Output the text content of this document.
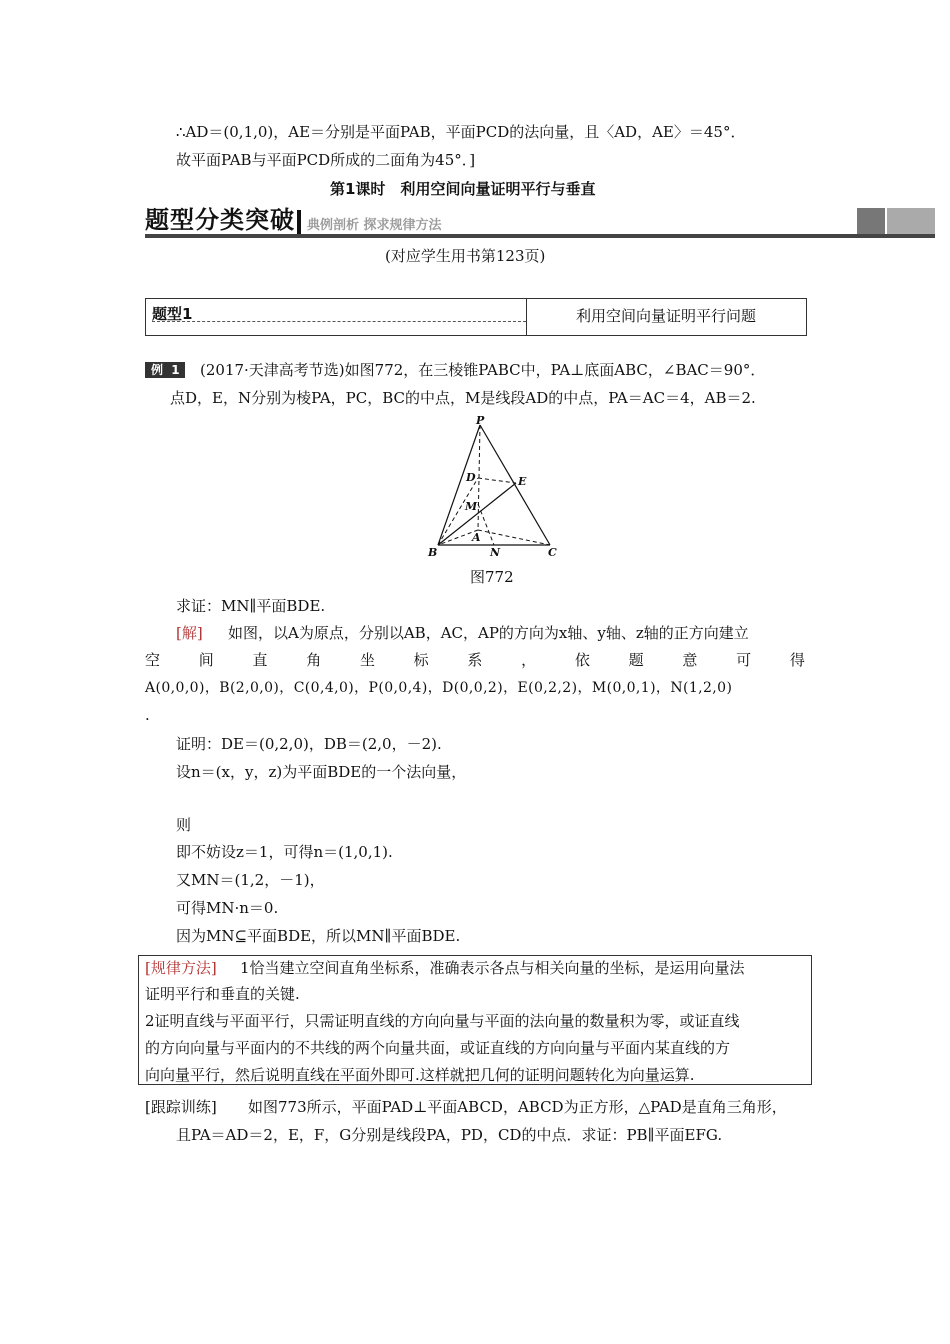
∴AD＝(0,1,0)，AE＝分别是平面PAB，平面PCD的法向量，且〈AD，AE〉＝45°．
故平面PAB与平面PCD所成的二面角为45°．]
第1课时　利用空间向量证明平行与垂直
题型分类突破 典例剖析 探求规律方法
(对应学生用书第123页)
题型1	利用空间向量证明平行问题
例 1	(2017·天津高考节选)如图772，在三棱锥PABC中，PA⊥底面ABC，∠BAC＝90°．
点D，E，N分别为棱PA，PC，BC的中点，M是线段AD的中点，PA＝AC＝4，AB＝2.
P
D	E
M
A
B	N	C
图772
求证：MN∥平面BDE.
[解] 如图，以A为原点，分别以AB，AC，AP的方向为x轴、y轴、z轴的正方向建立
空	间	直	角	坐	标	系	，	依	题	意	可	得
A(0,0,0)，B(2,0,0)，C(0,4,0)，P(0,0,4)，D(0,0,2)，E(0,2,2)，M(0,0,1)，N(1,2,0)
.
证明：DE＝(0,2,0)，DB＝(2,0，－2).
设n＝(x，y，z)为平面BDE的一个法向量，
则
即不妨设z＝1，可得n＝(1,0,1).
又MN＝(1,2，－1)，
可得MN·n＝0.
因为MN⊆平面BDE，所以MN∥平面BDE.
[规律方法] 1恰当建立空间直角坐标系，准确表示各点与相关向量的坐标，是运用向量法
证明平行和垂直的关键.
2证明直线与平面平行，只需证明直线的方向向量与平面的法向量的数量积为零，或证直线
的方向向量与平面内的不共线的两个向量共面，或证直线的方向向量与平面内某直线的方
向向量平行，然后说明直线在平面外即可.这样就把几何的证明问题转化为向量运算.
[跟踪训练] 如图773所示，平面PAD⊥平面ABCD，ABCD为正方形，△PAD是直角三角形，
且PA＝AD＝2，E，F，G分别是线段PA，PD，CD的中点．求证：PB∥平面EFG.
